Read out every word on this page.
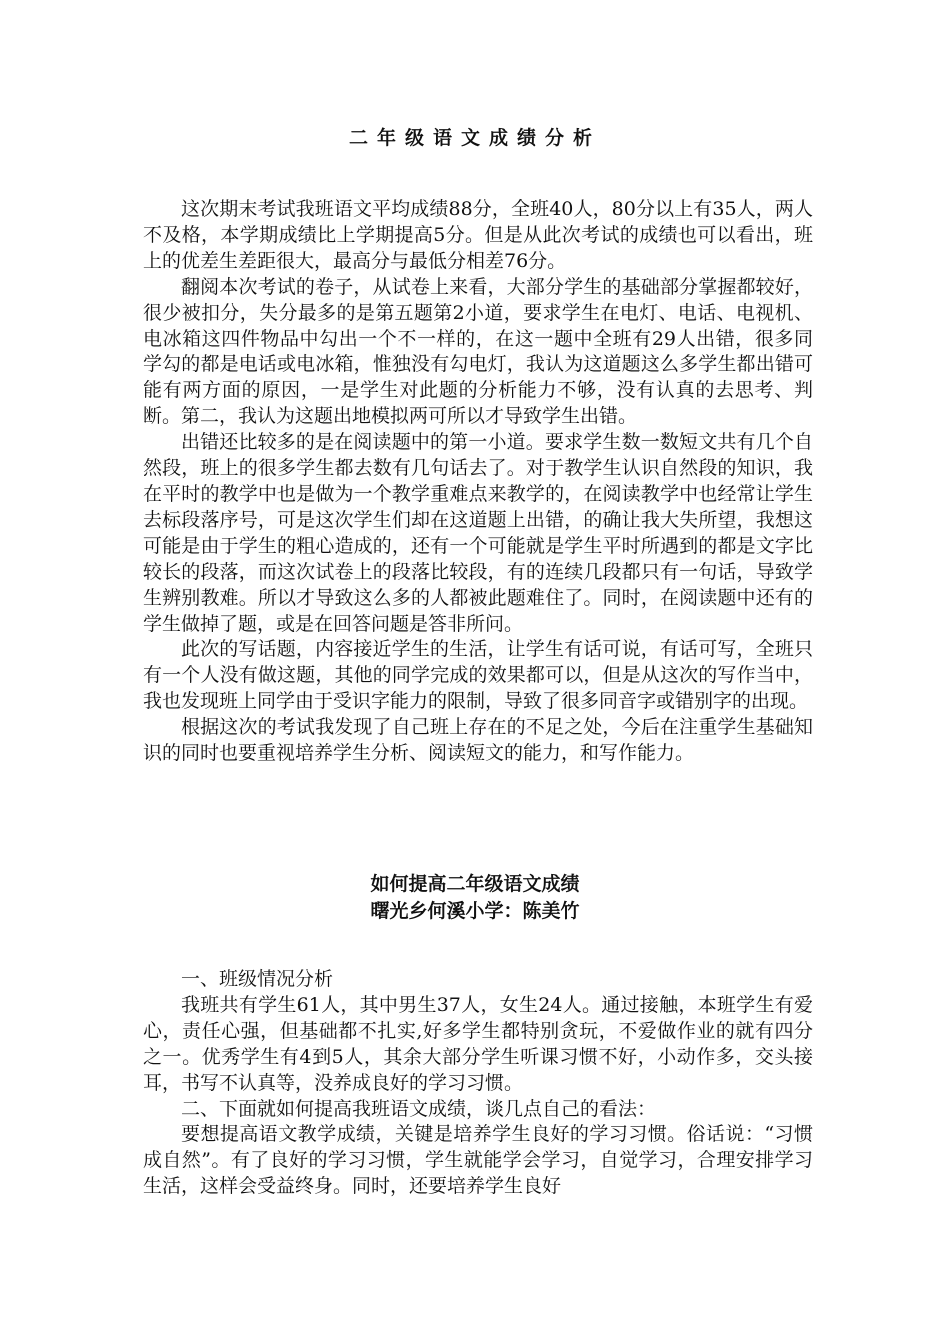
二年级语文成绩分析

这次期末考试我班语文平均成绩88分，全班40人，80分以上有35人，两人不及格，本学期成绩比上学期提高5分。但是从此次考试的成绩也可以看出，班上的优差生差距很大，最高分与最低分相差76分。

翻阅本次考试的卷子，从试卷上来看，大部分学生的基础部分掌握都较好，很少被扣分，失分最多的是第五题第2小道，要求学生在电灯、电话、电视机、电冰箱这四件物品中勾出一个不一样的，在这一题中全班有29人出错，很多同学勾的都是电话或电冰箱，惟独没有勾电灯，我认为这道题这么多学生都出错可能有两方面的原因，一是学生对此题的分析能力不够，没有认真的去思考、判断。第二，我认为这题出地模拟两可所以才导致学生出错。

出错还比较多的是在阅读题中的第一小道。要求学生数一数短文共有几个自然段，班上的很多学生都去数有几句话去了。对于教学生认识自然段的知识，我在平时的教学中也是做为一个教学重难点来教学的，在阅读教学中也经常让学生去标段落序号，可是这次学生们却在这道题上出错，的确让我大失所望，我想这可能是由于学生的粗心造成的，还有一个可能就是学生平时所遇到的都是文字比较长的段落，而这次试卷上的段落比较段，有的连续几段都只有一句话，导致学生辨别教难。所以才导致这么多的人都被此题难住了。同时，在阅读题中还有的学生做掉了题，或是在回答问题是答非所问。

此次的写话题，内容接近学生的生活，让学生有话可说，有话可写，全班只有一个人没有做这题，其他的同学完成的效果都可以，但是从这次的写作当中，我也发现班上同学由于受识字能力的限制，导致了很多同音字或错别字的出现。

根据这次的考试我发现了自己班上存在的不足之处，今后在注重学生基础知识的同时也要重视培养学生分析、阅读短文的能力，和写作能力。

如何提高二年级语文成绩
曙光乡何溪小学：陈美竹

一、班级情况分析

我班共有学生61人，其中男生37人，女生24人。通过接触，本班学生有爱心，责任心强，但基础都不扎实,好多学生都特别贪玩，不爱做作业的就有四分之一。优秀学生有4到5人，其余大部分学生听课习惯不好，小动作多，交头接耳，书写不认真等，没养成良好的学习习惯。

二、下面就如何提高我班语文成绩，谈几点自己的看法：

要想提高语文教学成绩，关键是培养学生良好的学习习惯。俗话说：“习惯成自然”。有了良好的学习习惯，学生就能学会学习，自觉学习，合理安排学习生活，这样会受益终身。同时，还要培养学生良好
